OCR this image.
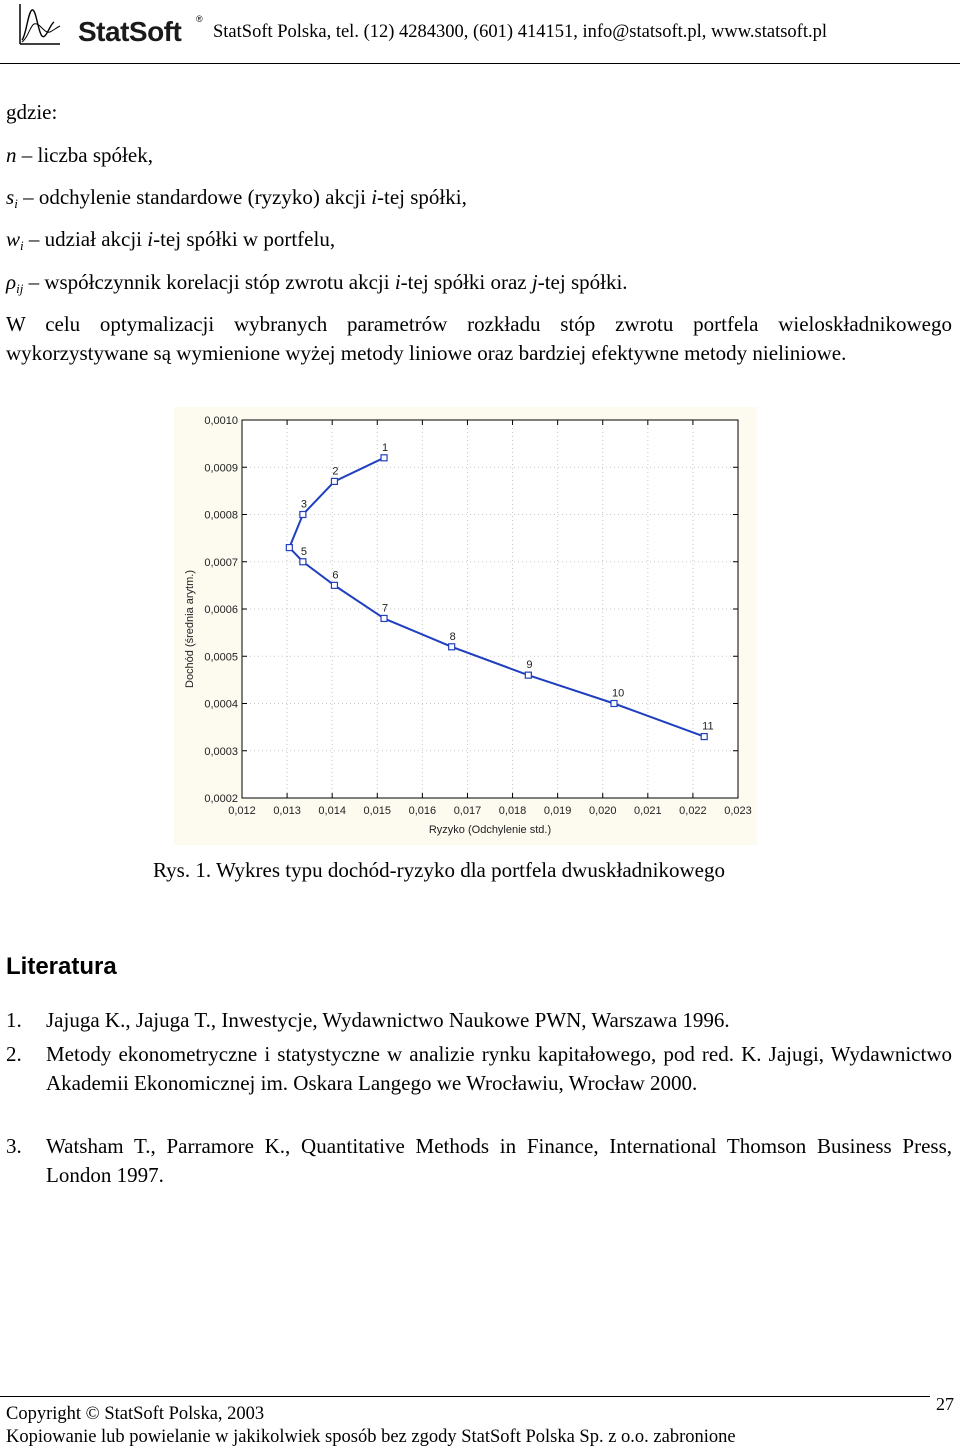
StatSoft ®
StatSoft Polska, tel. (12) 4284300, (601) 414151, info@statsoft.pl, www.statsoft.pl
gdzie:
n – liczba spółek,
$s_i$ – odchylenie standardowe (ryzyko) akcji i-tej spółki,
$w_i$ – udział akcji i-tej spółki w portfelu,
$\rho_{ij}$ – współczynnik korelacji stóp zwrotu akcji i-tej spółki oraz j-tej spółki.
W celu optymalizacji wybranych parametrów rozkładu stóp zwrotu portfela wieloskładnikowego wykorzystywane są wymienione wyżej metody liniowe oraz bardziej efektywne metody nieliniowe.
0,0010
0,0009
0,0008
0,0007
0,0006
0,0005
0,0004
0,0003
0,0002
0,012 0,013 0,014 0,015 0,016 0,017 0,018 0,019 0,020 0,021 0,022 0,023
Ryzyko (Odchylenie std.)
Dochód (średnia arytm.)
1
2
3
5
6
7
8
9
10
11
Rys. 1. Wykres typu dochód-ryzyko dla portfela dwuskładnikowego
Literatura
1. Jajuga K., Jajuga T., Inwestycje, Wydawnictwo Naukowe PWN, Warszawa 1996.
2. Metody ekonometryczne i statystyczne w analizie rynku kapitałowego, pod red. K. Jajugi, Wydawnictwo Akademii Ekonomicznej im. Oskara Langego we Wrocławiu, Wrocław 2000.
3. Watsham T., Parramore K., Quantitative Methods in Finance, International Thomson Business Press, London 1997.
Copyright © StatSoft Polska, 2003
Kopiowanie lub powielanie w jakikolwiek sposób bez zgody StatSoft Polska Sp. z o.o. zabronione
27
